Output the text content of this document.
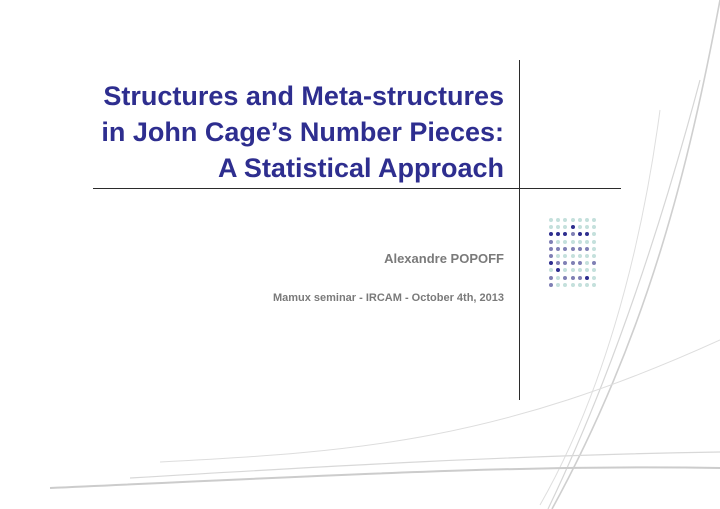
Structures and Meta-structures
in John Cage’s Number Pieces:
A Statistical Approach
Alexandre POPOFF
Mamux seminar - IRCAM - October 4th, 2013
